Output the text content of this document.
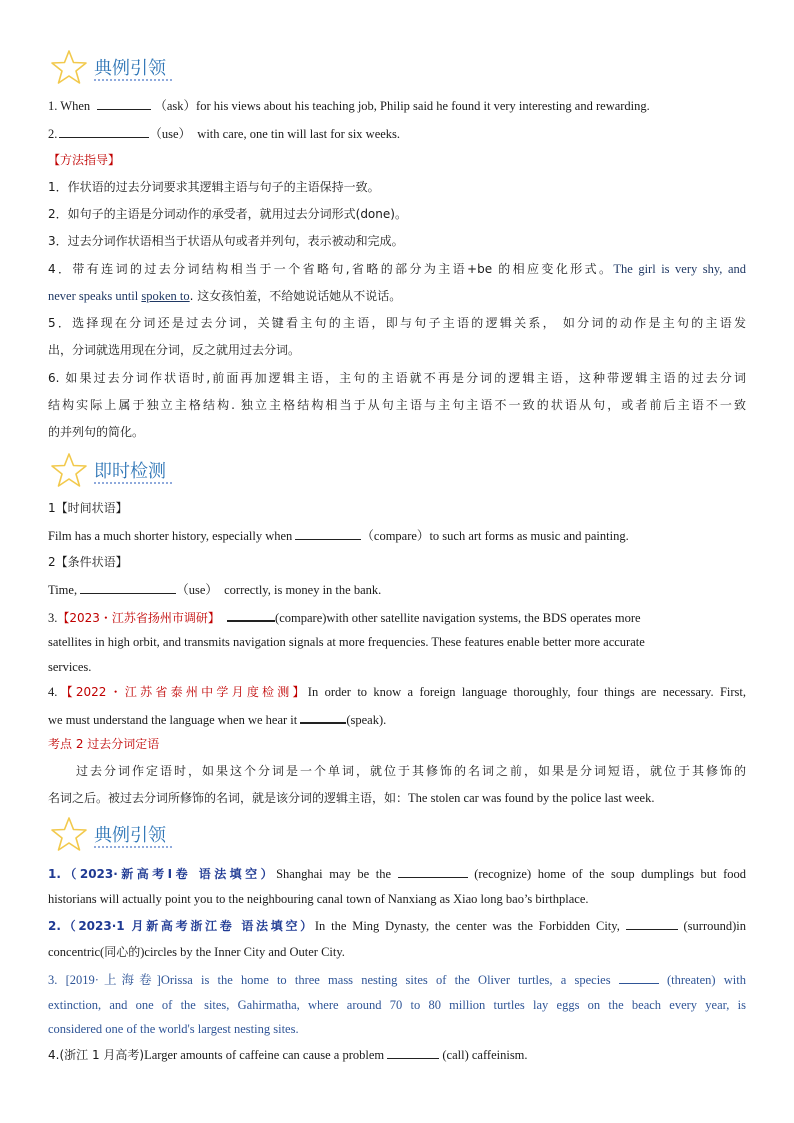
典例引领
1. When	（ask）for his views about his teaching job, Philip said he found it very interesting and rewarding.
2.	（use） with care, one tin will last for six weeks.
【方法指导】
1．作状语的过去分词要求其逻辑主语与句子的主语保持一致。
2．如句子的主语是分词动作的承受者，就用过去分词形式(done)。
3．过去分词作状语相当于状语从句或者并列句，表示被动和完成。
4．带有连词的过去分词结构相当于一个省略句,省略的部分为主语+be 的相应变化形式。The girl is very shy, and
never speaks until spoken to. 这女孩怕羞，不给她说话她从不说话。
5．选择现在分词还是过去分词，关键看主句的主语，即与句子主语的逻辑关系， 如分词的动作是主句的主语发
出，分词就选用现在分词，反之就用过去分词。
6. 如果过去分词作状语时,前面再加逻辑主语，主句的主语就不再是分词的逻辑主语，这种带逻辑主语的过去分词
结构实际上属于独立主格结构. 独立主格结构相当于从句主语与主句主语不一致的状语从句，或者前后主语不一致
的并列句的简化。
即时检测
1【时间状语】
Film has a much shorter history, especially when	（compare）to such art forms as music and painting.
2【条件状语】
Time,	（use） correctly, is money in the bank.
3.【2023・江苏省扬州市调研】	(compare)with other satellite navigation systems, the BDS operates more
satellites in high orbit, and transmits navigation signals at more frequencies. These features enable better more accurate
services.
4.【2022・江苏省泰州中学月度检测】In order to know a foreign language thoroughly, four things are necessary. First,
we must understand the language when we hear it	(speak).
考点 2 过去分词定语
过去分词作定语时，如果这个分词是一个单词，就位于其修饰的名词之前，如果是分词短语，就位于其修饰的
名词之后。被过去分词所修饰的名词，就是该分词的逻辑主语，如：The stolen car was found by the police last week.
典例引领
1.（2023·新高考Ⅰ卷 语法填空）Shanghai may be the	(recognize) home of the soup dumplings but food
historians will actually point you to the neighbouring canal town of Nanxiang as Xiao long bao’s birthplace.
2.（2023·1 月新高考浙江卷 语法填空）In the Ming Dynasty, the center was the Forbidden City,	(surround)in
concentric(同心的)circles by the Inner City and Outer City.
3. [2019·上海卷]Orissa is the home to three mass nesting sites of the Oliver turtles, a species	(threaten) with
extinction, and one of the sites, Gahirmatha, where around 70 to 80 million turtles lay eggs on the beach every year, is
considered one of the world's largest nesting sites.
4.(浙江 1 月高考)Larger amounts of caffeine can cause a problem	(call) caffeinism.
